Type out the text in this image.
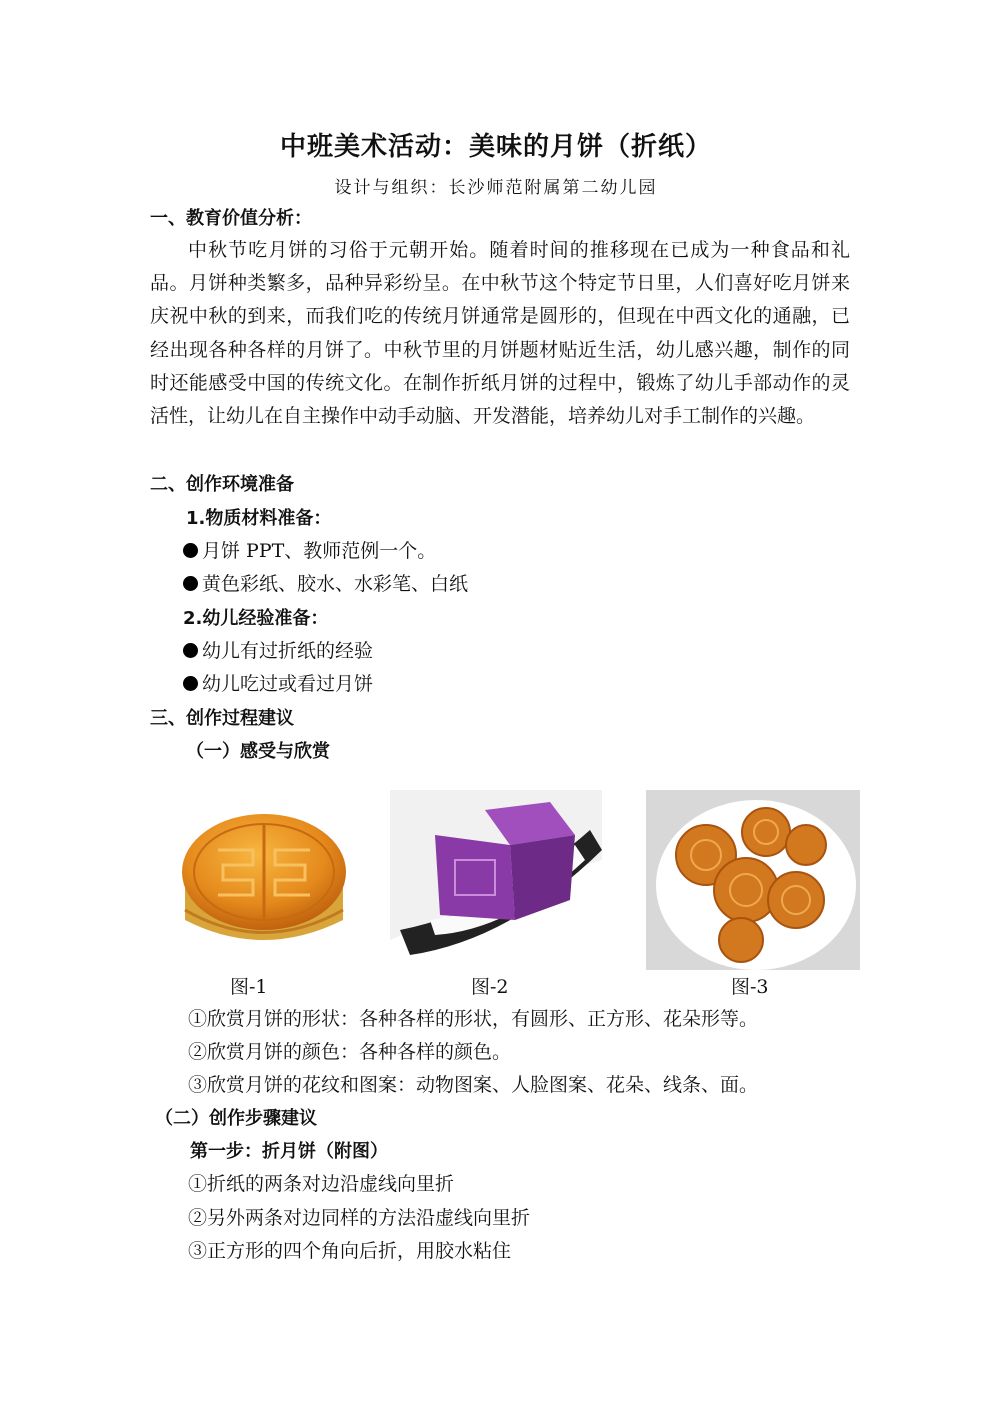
中班美术活动：美味的月饼（折纸）
设计与组织：长沙师范附属第二幼儿园
一、教育价值分析：
中秋节吃月饼的习俗于元朝开始。随着时间的推移现在已成为一种食品和礼品。月饼种类繁多，品种异彩纷呈。在中秋节这个特定节日里，人们喜好吃月饼来庆祝中秋的到来，而我们吃的传统月饼通常是圆形的，但现在中西文化的通融，已经出现各种各样的月饼了。中秋节里的月饼题材贴近生活，幼儿感兴趣，制作的同时还能感受中国的传统文化。在制作折纸月饼的过程中，锻炼了幼儿手部动作的灵活性，让幼儿在自主操作中动手动脑、开发潜能，培养幼儿对手工制作的兴趣。
二、创作环境准备
1.物质材料准备：
月饼 PPT、教师范例一个。
黄色彩纸、胶水、水彩笔、白纸
2.幼儿经验准备：
幼儿有过折纸的经验
幼儿吃过或看过月饼
三、创作过程建议
（一）感受与欣赏
图-1	图-2	图-3
①欣赏月饼的形状：各种各样的形状，有圆形、正方形、花朵形等。
②欣赏月饼的颜色：各种各样的颜色。
③欣赏月饼的花纹和图案：动物图案、人脸图案、花朵、线条、面。
（二）创作步骤建议
第一步：折月饼（附图）
①折纸的两条对边沿虚线向里折
②另外两条对边同样的方法沿虚线向里折
③正方形的四个角向后折，用胶水粘住
